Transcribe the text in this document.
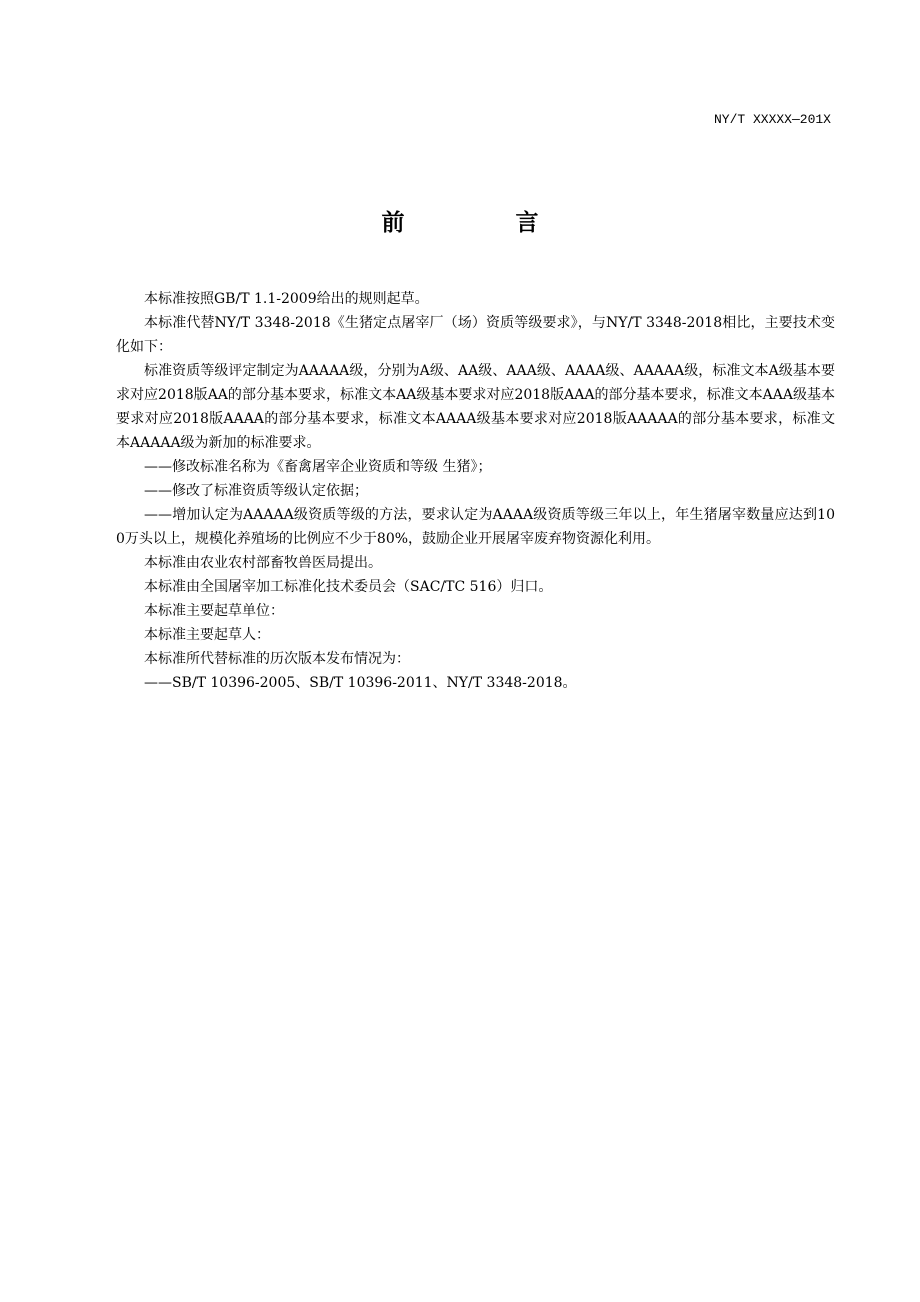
NY/T XXXXX—201X
前　言

本标准按照GB/T 1.1-2009给出的规则起草。

本标准代替NY/T 3348-2018《生猪定点屠宰厂（场）资质等级要求》，与NY/T 3348-2018相比，主要技术变化如下：

标准资质等级评定制定为AAAAA级，分别为A级、AA级、AAA级、AAAA级、AAAAA级，标准文本A级基本要求对应2018版AA的部分基本要求，标准文本AA级基本要求对应2018版AAA的部分基本要求，标准文本AAA级基本要求对应2018版AAAA的部分基本要求，标准文本AAAA级基本要求对应2018版AAAAA的部分基本要求，标准文本AAAAA级为新加的标准要求。

——修改标准名称为《畜禽屠宰企业资质和等级 生猪》；

——修改了标准资质等级认定依据；

——增加认定为AAAAA级资质等级的方法，要求认定为AAAA级资质等级三年以上，年生猪屠宰数量应达到100万头以上，规模化养殖场的比例应不少于80%，鼓励企业开展屠宰废弃物资源化利用。

本标准由农业农村部畜牧兽医局提出。

本标准由全国屠宰加工标准化技术委员会（SAC/TC 516）归口。

本标准主要起草单位：

本标准主要起草人：

本标准所代替标准的历次版本发布情况为：

——SB/T 10396-2005、SB/T 10396-2011、NY/T 3348-2018。
